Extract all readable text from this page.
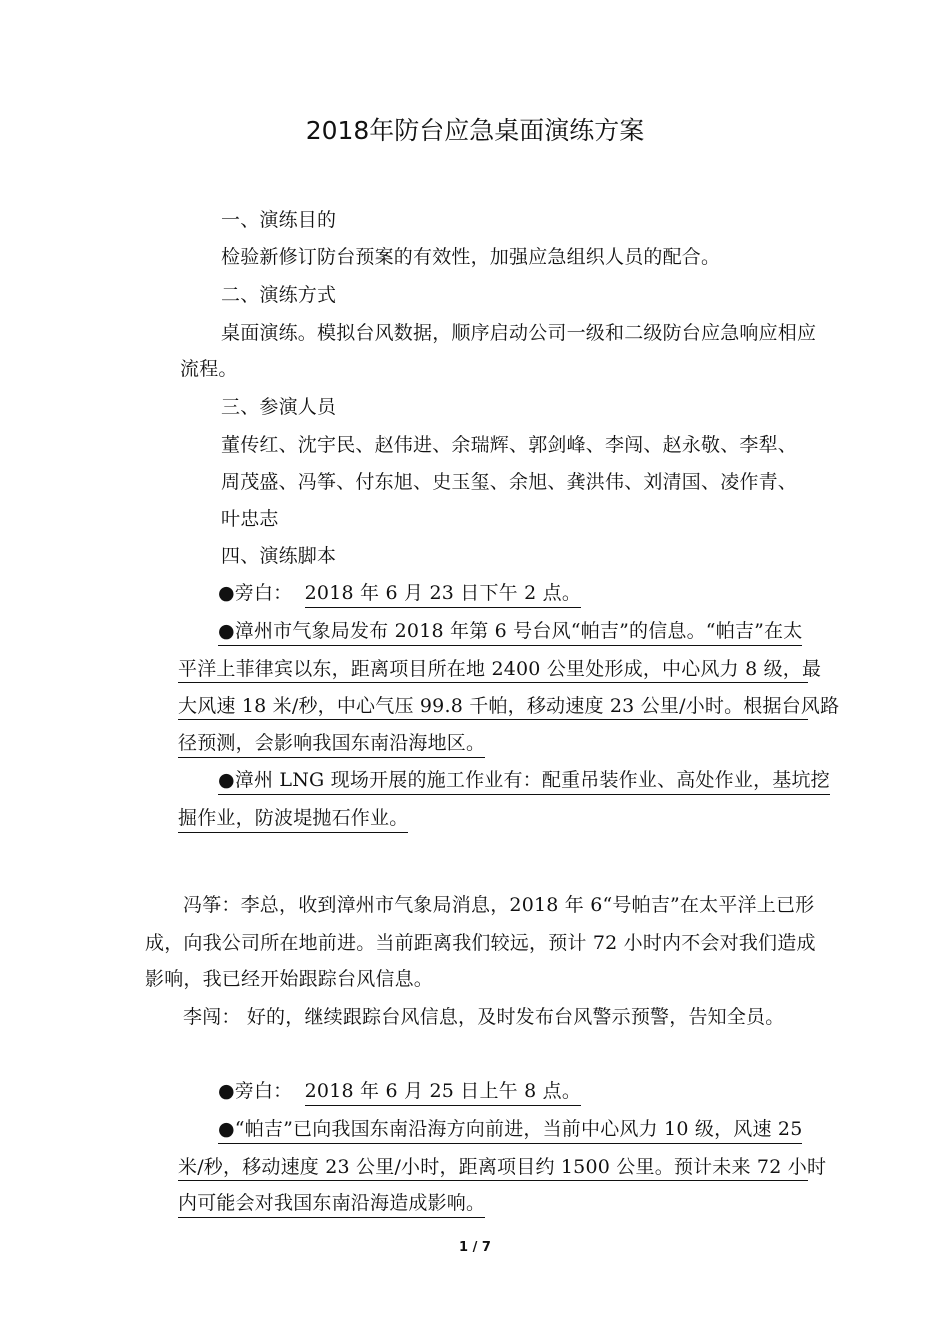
2018年防台应急桌面演练方案
一、演练目的
检验新修订防台预案的有效性，加强应急组织人员的配合。
二、演练方式
桌面演练。模拟台风数据，顺序启动公司一级和二级防台应急响应相应
流程。
三、参演人员
董传红、沈宇民、赵伟进、余瑞辉、郭剑峰、李闯、赵永敬、李犁、
周茂盛、冯筝、付东旭、史玉玺、余旭、龚洪伟、刘清国、凌作青、
叶忠志
四、演练脚本
●旁白： 2018 年 6 月 23 日下午 2 点。
●漳州市气象局发布 2018 年第 6 号台风“帕吉”的信息。“帕吉”在太
平洋上菲律宾以东，距离项目所在地 2400 公里处形成，中心风力 8 级，最
大风速 18 米/秒，中心气压 99.8 千帕，移动速度 23 公里/小时。根据台风路
径预测，会影响我国东南沿海地区。
●漳州 LNG 现场开展的施工作业有：配重吊装作业、高处作业，基坑挖
掘作业，防波堤抛石作业。
冯筝：李总，收到漳州市气象局消息，2018 年 6“号帕吉”在太平洋上已形
成，向我公司所在地前进。当前距离我们较远，预计 72 小时内不会对我们造成
影响，我已经开始跟踪台风信息。
李闯： 好的，继续跟踪台风信息，及时发布台风警示预警，告知全员。
●旁白： 2018 年 6 月 25 日上午 8 点。
●“帕吉”已向我国东南沿海方向前进，当前中心风力 10 级，风速 25
米/秒，移动速度 23 公里/小时，距离项目约 1500 公里。预计未来 72 小时
内可能会对我国东南沿海造成影响。
1 / 7
